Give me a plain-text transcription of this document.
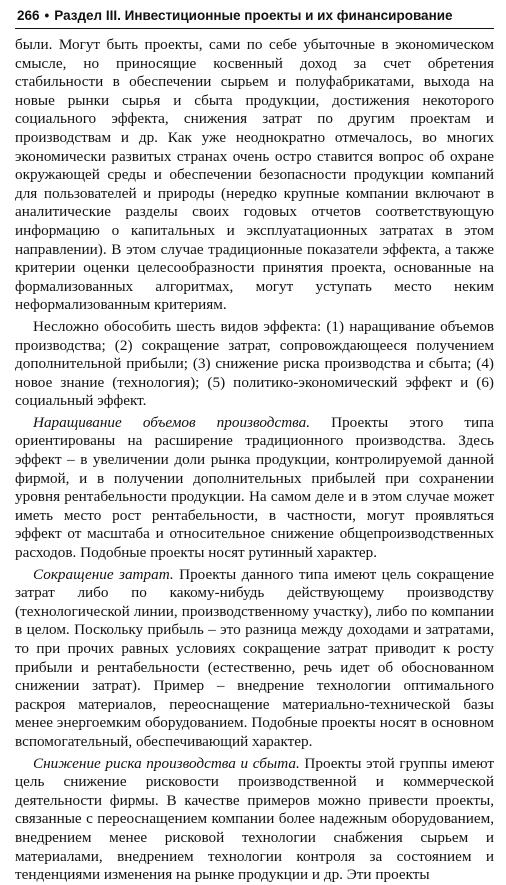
266 • Раздел III. Инвестиционные проекты и их финансирование

были. Могут быть проекты, сами по себе убыточные в экономическом смысле, но приносящие косвенный доход за счет обретения стабильности в обеспечении сырьем и полуфабрикатами, выхода на новые рынки сырья и сбыта продукции, достижения некоторого социального эффекта, снижения затрат по другим проектам и производствам и др. Как уже неоднократно отмечалось, во многих экономически развитых странах очень остро ставится вопрос об охране окружающей среды и обеспечении безопасности продукции компаний для пользователей и природы (нередко крупные компании включают в аналитические разделы своих годовых отчетов соответствующую информацию о капитальных и эксплуатационных затратах в этом направлении). В этом случае традиционные показатели эффекта, а также критерии оценки целесообразности принятия проекта, основанные на формализованных алгоритмах, могут уступать место неким неформализованным критериям.

Несложно обособить шесть видов эффекта: (1) наращивание объемов производства; (2) сокращение затрат, сопровождающееся получением дополнительной прибыли; (3) снижение риска производства и сбыта; (4) новое знание (технология); (5) политико-экономический эффект и (6) социальный эффект.

Наращивание объемов производства. Проекты этого типа ориентированы на расширение традиционного производства. Здесь эффект – в увеличении доли рынка продукции, контролируемой данной фирмой, и в получении дополнительных прибылей при сохранении уровня рентабельности продукции. На самом деле и в этом случае может иметь место рост рентабельности, в частности, могут проявляться эффект от масштаба и относительное снижение общепроизводственных расходов. Подобные проекты носят рутинный характер.

Сокращение затрат. Проекты данного типа имеют цель сокращение затрат либо по какому-нибудь действующему производству (технологической линии, производственному участку), либо по компании в целом. Поскольку прибыль – это разница между доходами и затратами, то при прочих равных условиях сокращение затрат приводит к росту прибыли и рентабельности (естественно, речь идет об обоснованном снижении затрат). Пример – внедрение технологии оптимального раскроя материалов, переоснащение материально-технической базы менее энергоемким оборудованием. Подобные проекты носят в основном вспомогательный, обеспечивающий характер.

Снижение риска производства и сбыта. Проекты этой группы имеют цель снижение рисковости производственной и коммерческой деятельности фирмы. В качестве примеров можно привести проекты, связанные с переоснащением компании более надежным оборудованием, внедрением менее рисковой технологии снабжения сырьем и материалами, внедрением технологии контроля за состоянием и тенденциями изменения на рынке продукции и др. Эти проекты
